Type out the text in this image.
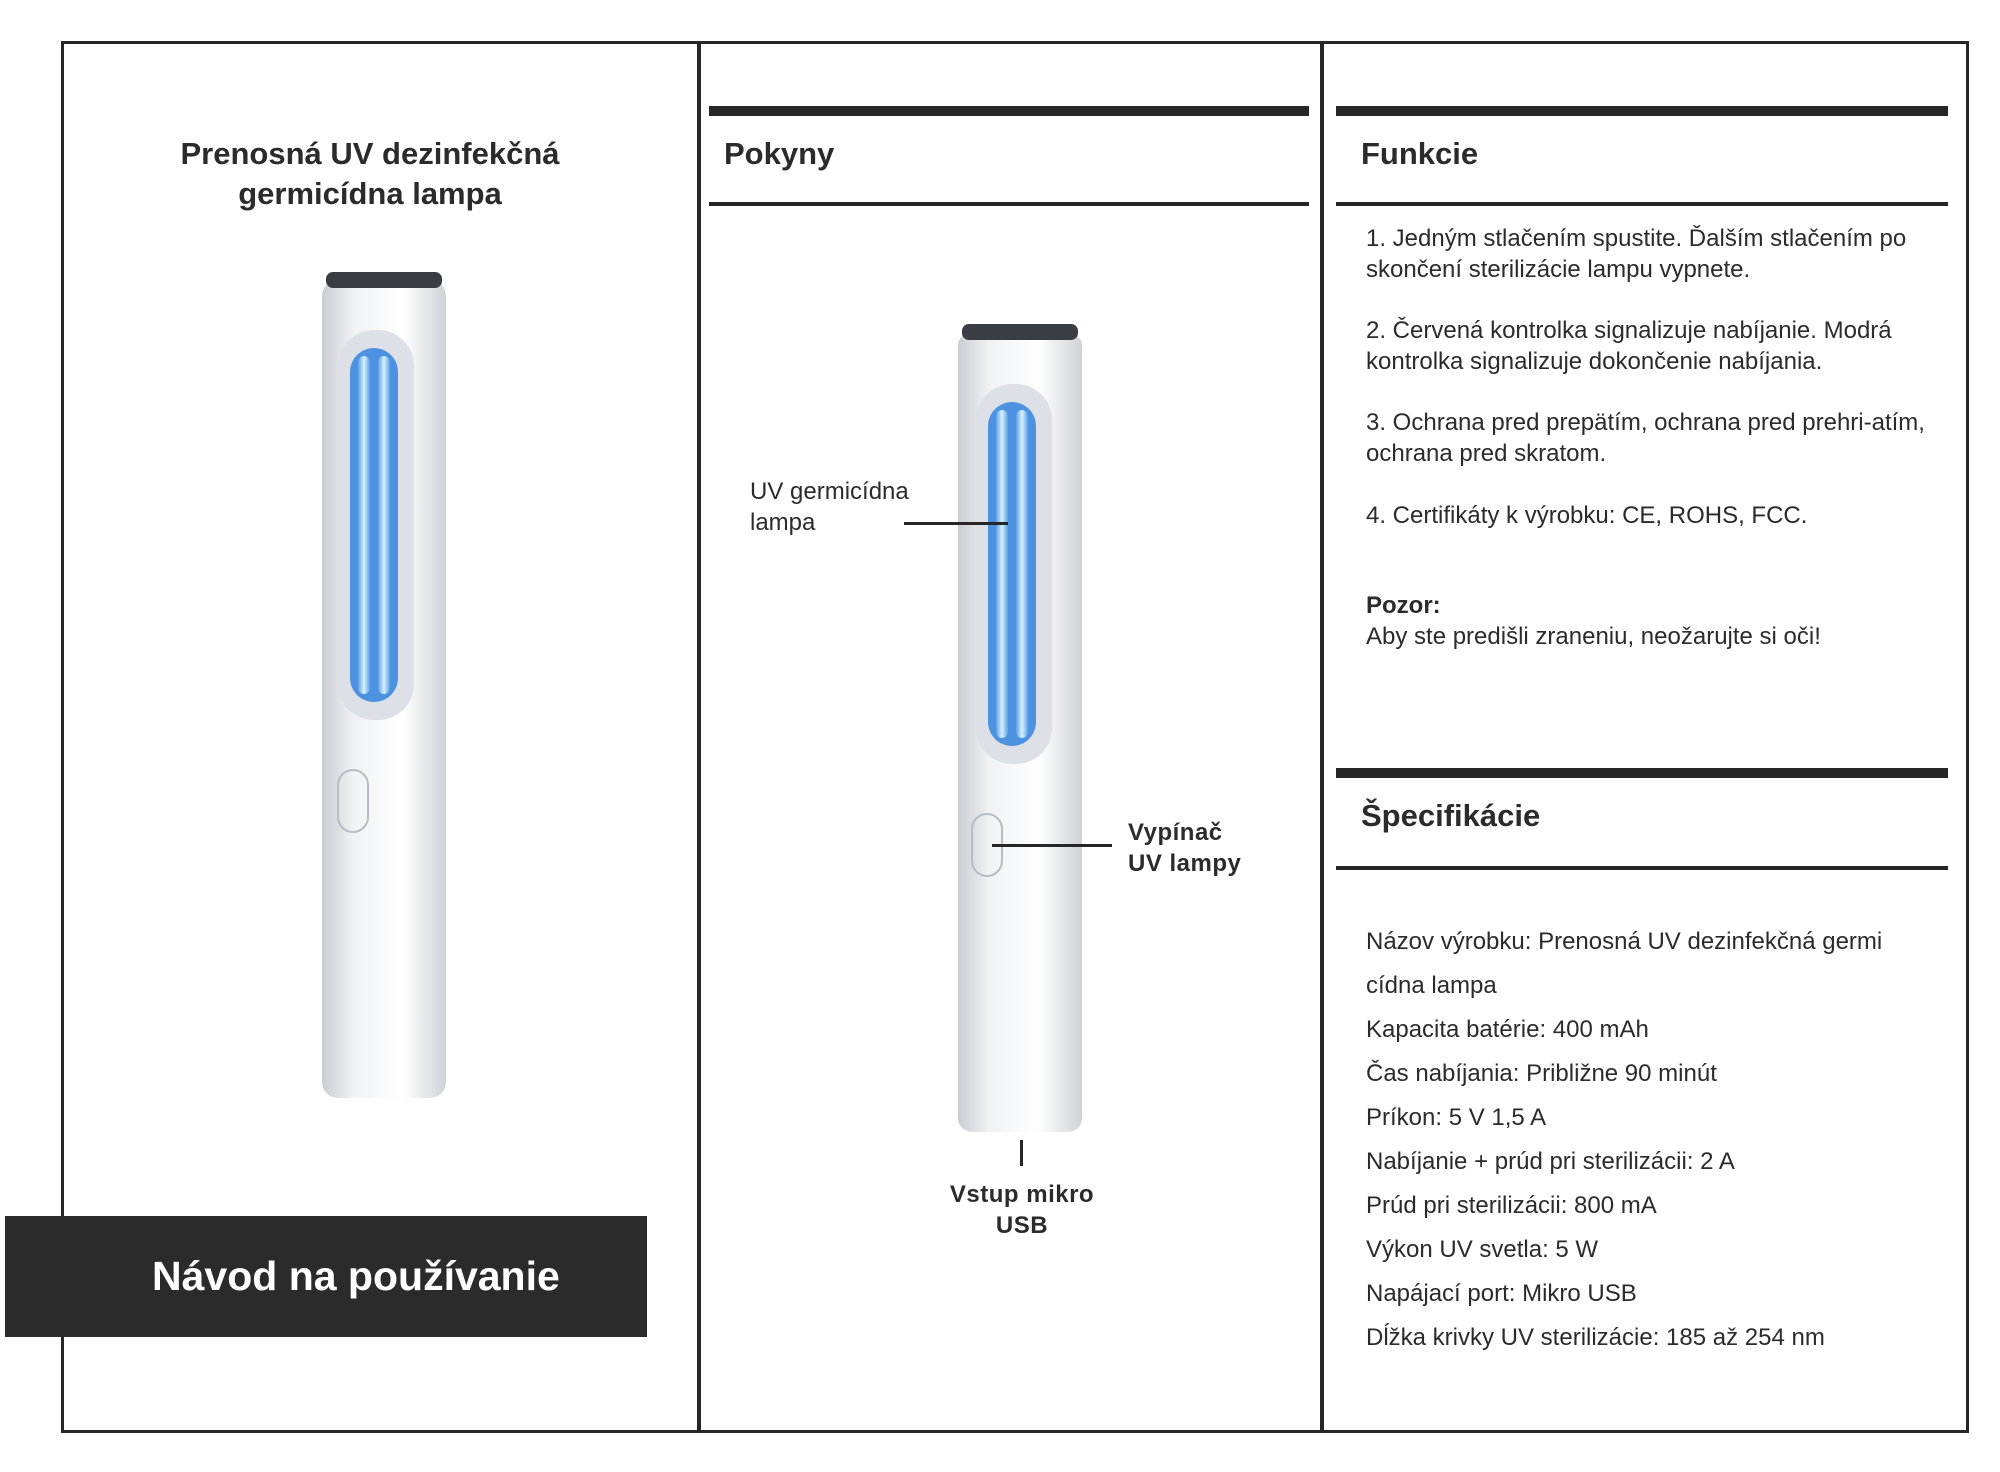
Prenosná UV dezinfekčná
germicídna lampa
Návod na používanie
Pokyny
UV germicídna
lampa
Vypínač
UV lampy
Vstup mikro
USB
Funkcie
1. Jedným stlačením spustite. Ďalším stlačením po skončení sterilizácie lampu vypnete.
2. Červená kontrolka signalizuje nabíjanie. Modrá kontrolka signalizuje dokončenie nabíjania.
3. Ochrana pred prepätím, ochrana pred prehri-atím, ochrana pred skratom.
4. Certifikáty k výrobku: CE, ROHS, FCC.
Pozor:
Aby ste predišli zraneniu, neožarujte si oči!
Špecifikácie
Názov výrobku: Prenosná UV dezinfekčná germi
cídna lampa
Kapacita batérie: 400 mAh
Čas nabíjania: Približne 90 minút
Príkon: 5 V 1,5 A
Nabíjanie + prúd pri sterilizácii: 2 A
Prúd pri sterilizácii: 800 mA
Výkon UV svetla: 5 W
Napájací port: Mikro USB
Dĺžka krivky UV sterilizácie: 185 až 254 nm
